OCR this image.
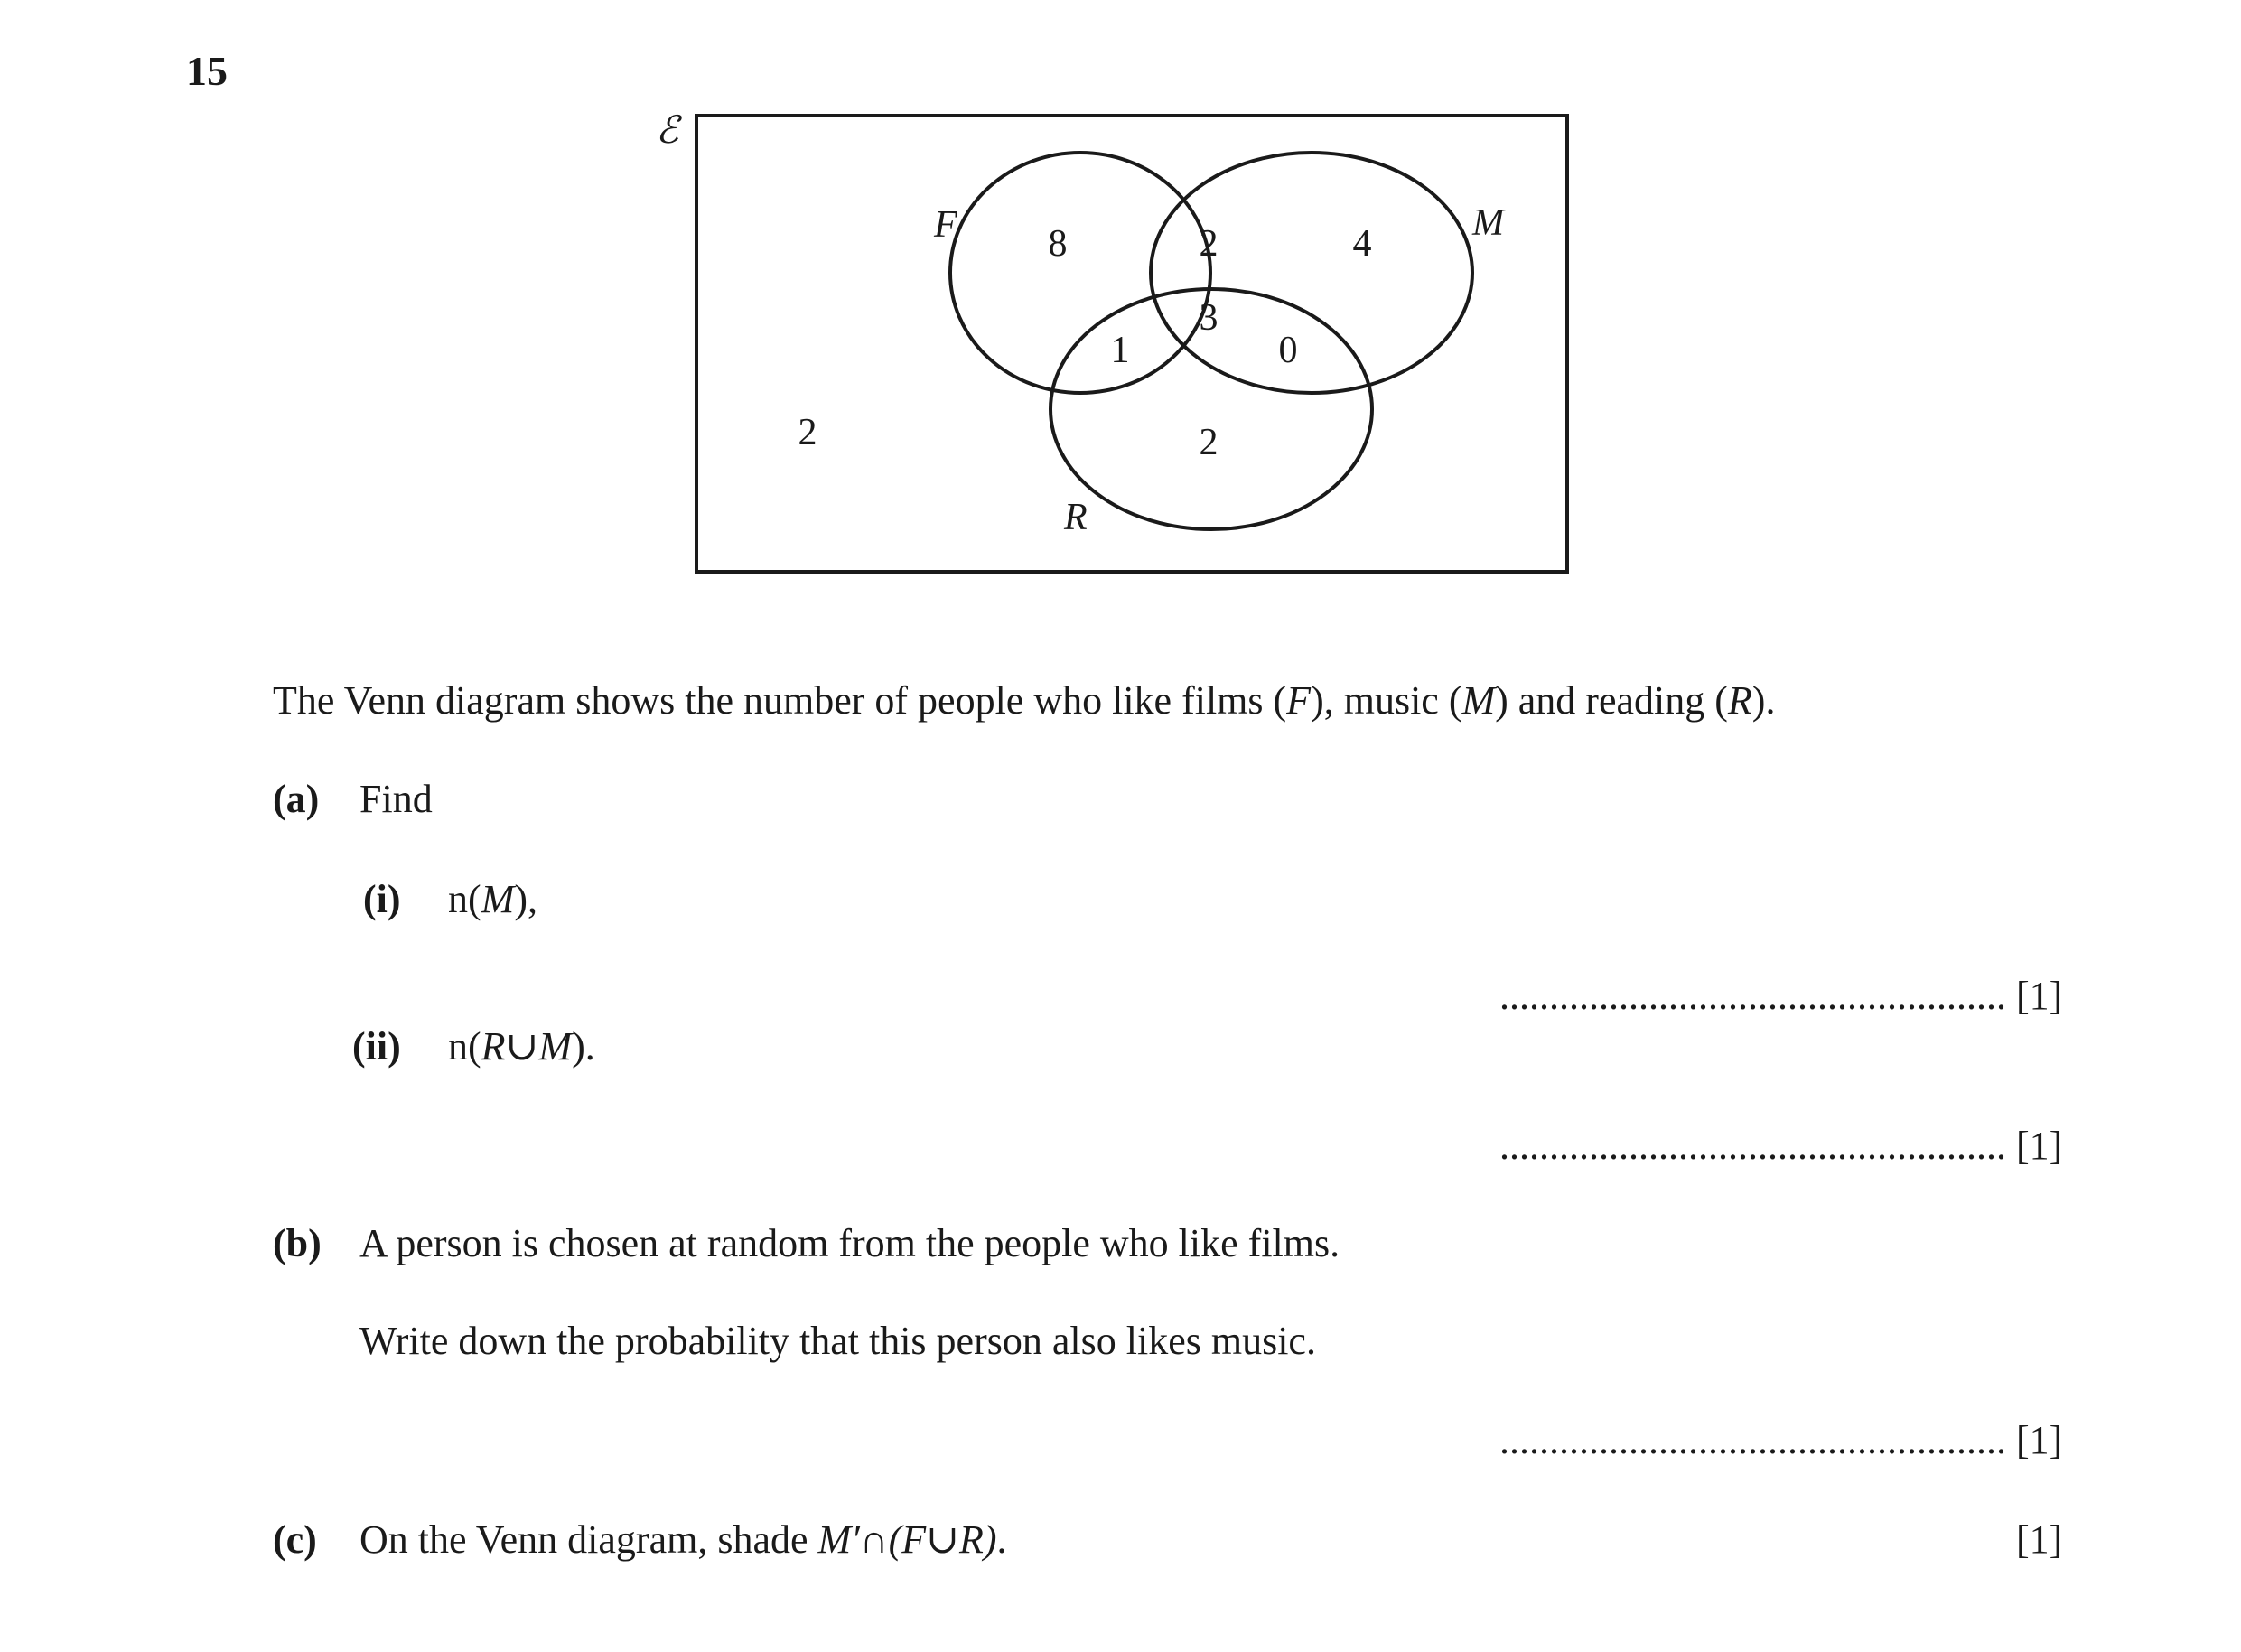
15
ℰ
F	M
R
2
8	2	4
3
1	0
2
The Venn diagram shows the number of people who like films (F), music (M) and reading (R).
(a) Find
(i) n(M),
................................................... [1]
(ii) n(R∪M).
................................................... [1]
(b) A person is chosen at random from the people who like films.
Write down the probability that this person also likes music.
................................................... [1]
(c) On the Venn diagram, shade M′∩(F∪R).	[1]
